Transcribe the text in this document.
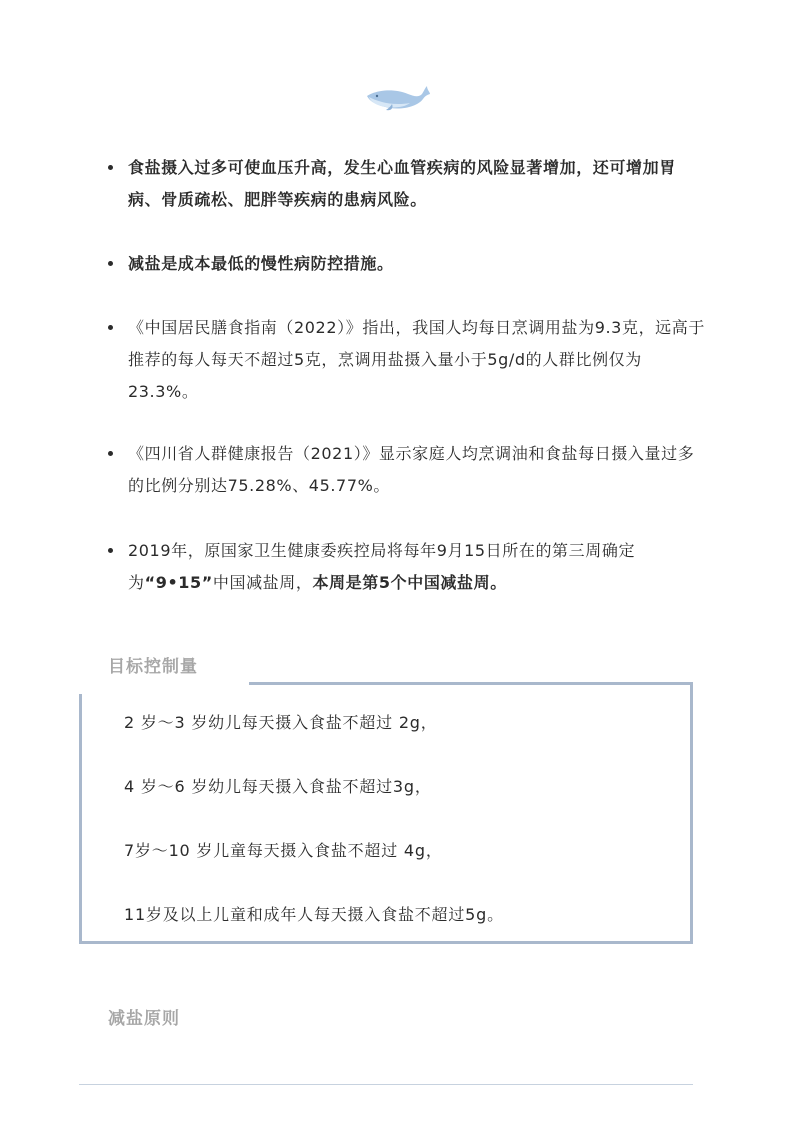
食盐摄入过多可使血压升高，发生心血管疾病的风险显著增加，还可增加胃病、骨质疏松、肥胖等疾病的患病风险。
减盐是成本最低的慢性病防控措施。
《中国居民膳食指南（2022）》指出，我国人均每日烹调用盐为9.3克，远高于推荐的每人每天不超过5克，烹调用盐摄入量小于5g/d的人群比例仅为23.3%。
《四川省人群健康报告（2021）》显示家庭人均烹调油和食盐每日摄入量过多的比例分别达75.28%、45.77%。
2019年，原国家卫生健康委疾控局将每年9月15日所在的第三周确定为“9•15”中国减盐周，本周是第5个中国减盐周。
目标控制量
2 岁～3 岁幼儿每天摄入食盐不超过 2g，
4 岁～6 岁幼儿每天摄入食盐不超过3g，
7岁～10 岁儿童每天摄入食盐不超过 4g，
11岁及以上儿童和成年人每天摄入食盐不超过5g。
减盐原则
